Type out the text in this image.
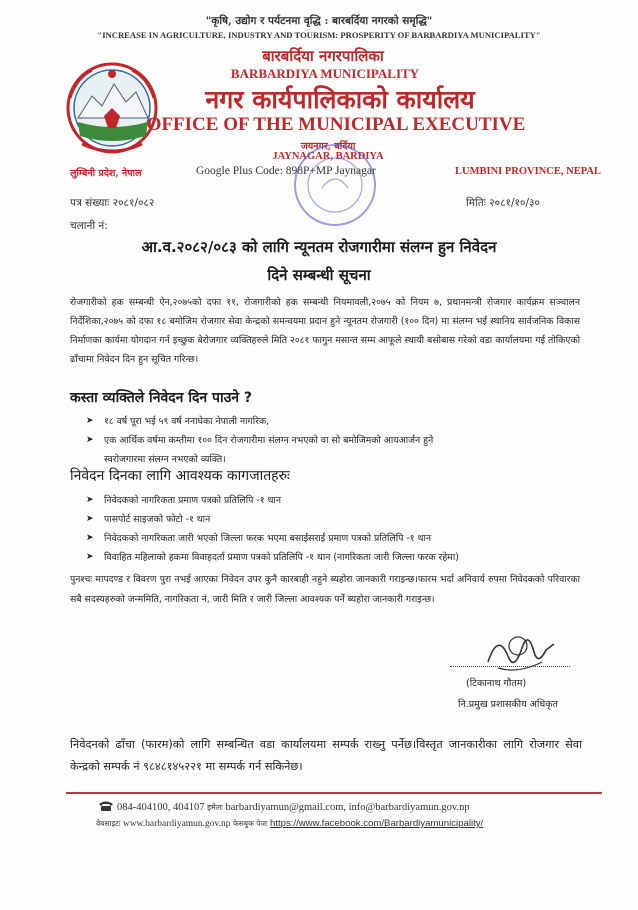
"कृषि, उद्योग र पर्यटनमा वृद्धि : बारबर्दिया नगरको समृद्धि"
"INCREASE IN AGRICULTURE, INDUSTRY AND TOURISM: PROSPERITY OF BARBARDIYA MUNICIPALITY"
बारबर्दिया नगरपालिका
BARBARDIYA MUNICIPALITY
नगर कार्यपालिकाको कार्यालय
OFFICE OF THE MUNICIPAL EXECUTIVE
जयनगर, बर्दिया
JAYNAGAR, BARDIYA
लुम्बिनी प्रदेश, नेपाल	Google Plus Code: 898P+MP Jaynagar	LUMBINI PROVINCE, NEPAL
पत्र संख्याः २०८१/०८२
चलानी नं:
मितिः २०८१/१०/३०
आ.व.२०८२/०८३ को लागि न्यूनतम रोजगारीमा संलग्न हुन निवेदन
दिने सम्बन्धी सूचना
रोजगारीको हक सम्बन्धी ऐन,२०७५को दफा ११, रोजगारीको हक सम्बन्धी नियमावली,२०७५ को नियम ७, प्रधानमन्त्री रोजगार कार्यक्रम सञ्चालन निर्देशिका,२०७५ को दफा १८ बमोजिम रोजगार सेवा केन्द्रको समन्वयमा प्रदान हुने न्यूनतम रोजगारी (१०० दिन) मा संलग्न भई स्थानिय सार्वजनिक विकास निर्माणका कार्यमा योगदान गर्न इच्छुक बेरोजगार व्यक्तिहरुले मिति २०८१ फागुन मसान्त सम्म आफूले स्थायी बसोबास गरेको वडा कार्यालयमा गई तोकिएको ढाँचामा निवेदन दिन हुन सूचित गरिन्छ।
कस्ता व्यक्तिले निवेदन दिन पाउने ?
➤ १८ वर्ष पूरा भई ५९ वर्ष ननाघेका नेपाली नागरिक,
➤ एक आर्थिक वर्षमा कम्तीमा १०० दिन रोजगारीमा संलग्न नभएको वा सो बमोजिमको आयआर्जन हुने
स्वरोजगारमा संलग्न नभएको व्यक्ति।
निवेदन दिनका लागि आवश्यक कागजातहरुः
➤ निवेदकको नागरिकता प्रमाण पत्रको प्रतिलिपि -१ थान
➤ पासपोर्ट साइजको फोटो -१ थान
➤ निवेदकको नागरिकता जारी भएको जिल्ला फरक भएमा बसाईसराई प्रमाण पत्रको प्रतिलिपि -१ थान
➤ विवाहित महिलाको हकमा विवाहदर्ता प्रमाण पत्रको प्रतिलिपि -१ थान (नागरिकता जारी जिल्ला फरक रहेमा)
पुनश्चः मापदण्ड र विवरण पुरा नभई आएका निवेदन उपर कुनै कारबाही नहुने ब्यहोरा जानकारी गराइन्छ।फारम भर्दा अनिवार्य रुपमा निवेदकको परिवारका सबै सदस्यहरुको जन्ममिति, नागरिकता नं, जारी मिति र जारी जिल्ला आवश्यक पर्ने ब्यहोरा जानकारी गराइन्छ।
(टिकानाथ गौतम)
नि.प्रमुख प्रशासकीय अधिकृत
निवेदनको ढाँचा (फारम)को लागि सम्बन्धित वडा कार्यालयमा सम्पर्क राख्नु पर्नेछ।विस्तृत जानकारीका लागि रोजगार सेवा केन्द्रको सम्पर्क नं ९८४८१४५२२१ मा सम्पर्क गर्न सकिनेछ।
084-404100, 404107 इमेलः barbardiyamun@gmail.com, info@barbardiyamun.gov.np
वेबसाइटः www.barbardiyamun.gov.np फेसबुक पेजः https://www.facebook.com/Barbardiyamunicipality/
